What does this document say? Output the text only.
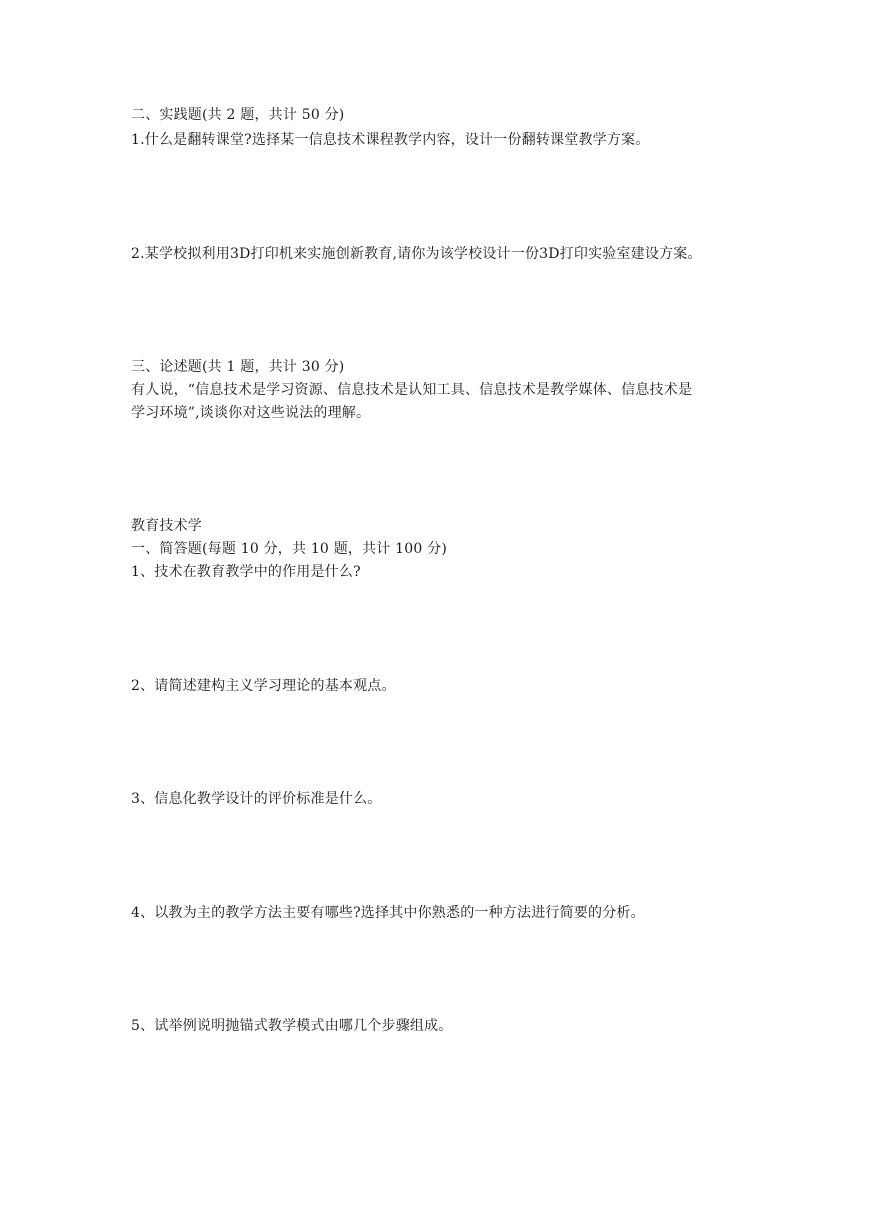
二、实践题(共 2 题，共计 50 分)
1.什么是翻转课堂?选择某一信息技术课程教学内容，设计一份翻转课堂教学方案。
2.某学校拟利用3D打印机来实施创新教育,请你为该学校设计一份3D打印实验室建设方案。
三、论述题(共 1 题，共计 30 分)
有人说，“信息技术是学习资源、信息技术是认知工具、信息技术是教学媒体、信息技术是
学习环境”,谈谈你对这些说法的理解。
教育技术学
一、简答题(每题 10 分，共 10 题，共计 100 分)
1、技术在教育教学中的作用是什么?
2、请简述建构主义学习理论的基本观点。
3、信息化教学设计的评价标准是什么。
4、以教为主的教学方法主要有哪些?选择其中你熟悉的一种方法进行简要的分析。
5、试举例说明抛锚式教学模式由哪几个步骤组成。
